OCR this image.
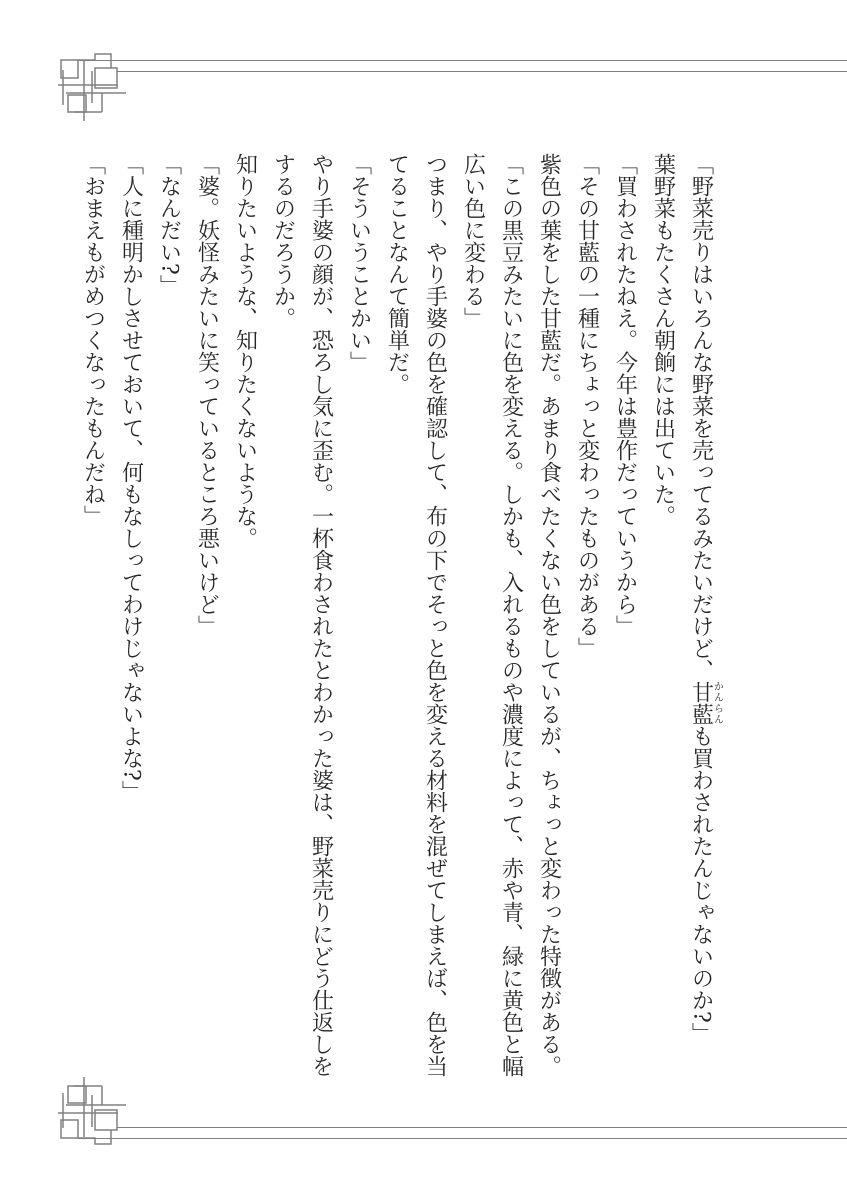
「野菜売りはいろんな野菜を売ってるみたいだけど、甘藍かんらんも買わされたんじゃないのか?」

葉野菜もたくさん朝餉には出ていた。

「買わされたねえ。今年は豊作だっていうから」

「その甘藍の一種にちょっと変わったものがある」

紫色の葉をした甘藍だ。あまり食べたくない色をしているが、ちょっと変わった特徴がある。

「この黒豆みたいに色を変える。しかも、入れるものや濃度によって、赤や青、緑に黄色と幅広い色に変わる」

つまり、やり手婆の色を確認して、布の下でそっと色を変える材料を混ぜてしまえば、色を当てることなんて簡単だ。

「そういうことかい」

やり手婆の顔が、恐ろし気に歪む。一杯食わされたとわかった婆は、野菜売りにどう仕返しをするのだろうか。

知りたいような、知りたくないような。

「婆。妖怪みたいに笑っているところ悪いけど」

「なんだい?」

「人に種明かしさせておいて、何もなしってわけじゃないよな?」

「おまえもがめつくなったもんだね」
